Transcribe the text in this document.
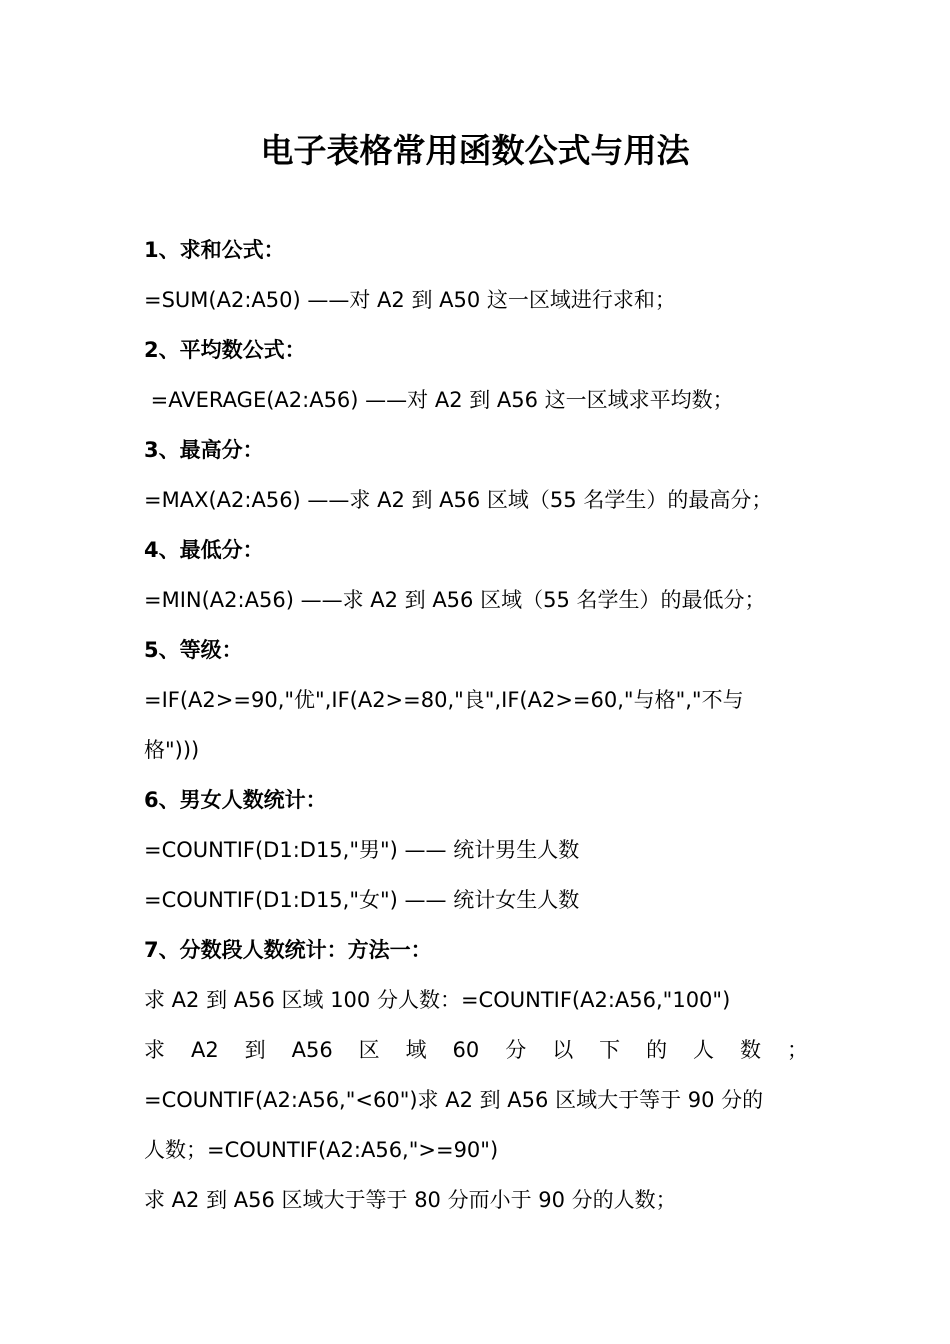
电子表格常用函数公式与用法
1、求和公式：
=SUM(A2:A50) ——对 A2 到 A50 这一区域进行求和；
2、平均数公式：
=AVERAGE(A2:A56) ——对 A2 到 A56 这一区域求平均数；
3、最高分：
=MAX(A2:A56) ——求 A2 到 A56 区域（55 名学生）的最高分；
4、最低分：
=MIN(A2:A56) ——求 A2 到 A56 区域（55 名学生）的最低分；
5、等级：
=IF(A2>=90,"优",IF(A2>=80,"良",IF(A2>=60,"与格","不与
格")))
6、男女人数统计：
=COUNTIF(D1:D15,"男") —— 统计男生人数
=COUNTIF(D1:D15,"女") —— 统计女生人数
7、分数段人数统计：方法一：
求 A2 到 A56 区域 100 分人数：=COUNTIF(A2:A56,"100")
求 A2 到 A56 区 域 60 分 以 下 的 人 数 ；
=COUNTIF(A2:A56,"<60")求 A2 到 A56 区域大于等于 90 分的
人数；=COUNTIF(A2:A56,">=90")
求 A2 到 A56 区域大于等于 80 分而小于 90 分的人数；
